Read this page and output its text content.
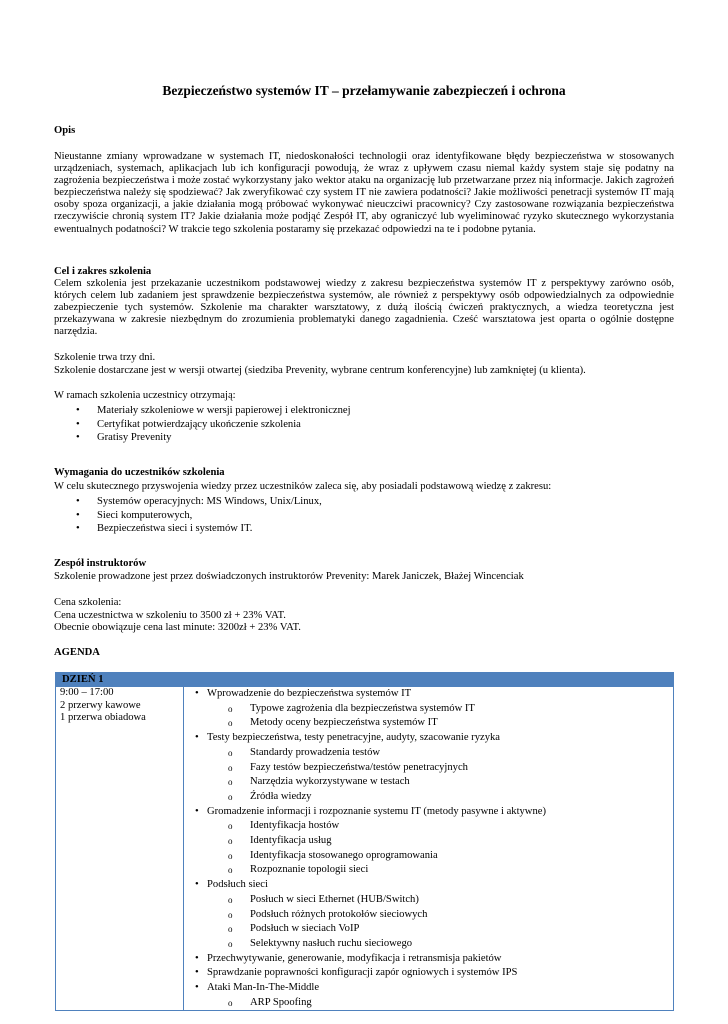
Bezpieczeństwo systemów IT – przełamywanie zabezpieczeń i ochrona
Opis
Nieustanne zmiany wprowadzane w systemach IT, niedoskonałości technologii oraz identyfikowane błędy bezpieczeństwa w stosowanych urządzeniach, systemach, aplikacjach lub ich konfiguracji powodują, że wraz z upływem czasu niemal każdy system staje się podatny na zagrożenia bezpieczeństwa i może zostać wykorzystany jako wektor ataku na organizację lub przetwarzane przez nią informacje. Jakich zagrożeń bezpieczeństwa należy się spodziewać? Jak zweryfikować czy system IT nie zawiera podatności? Jakie możliwości penetracji systemów IT mają osoby spoza organizacji, a jakie działania mogą próbować wykonywać nieuczciwi pracownicy? Czy zastosowane rozwiązania bezpieczeństwa rzeczywiście chronią system IT? Jakie działania może podjąć Zespół IT, aby ograniczyć lub wyeliminować ryzyko skutecznego wykorzystania ewentualnych podatności? W trakcie tego szkolenia postaramy się przekazać odpowiedzi na te i podobne pytania.
Cel i zakres szkolenia
Celem szkolenia jest przekazanie uczestnikom podstawowej wiedzy z zakresu bezpieczeństwa systemów IT z perspektywy zarówno osób, których celem lub zadaniem jest sprawdzenie bezpieczeństwa systemów, ale również z perspektywy osób odpowiedzialnych za odpowiednie zabezpieczenie tych systemów. Szkolenie ma charakter warsztatowy, z dużą ilością ćwiczeń praktycznych, a wiedza teoretyczna jest przekazywana w zakresie niezbędnym do zrozumienia problematyki danego zagadnienia. Cześć warsztatowa jest oparta o ogólnie dostępne narzędzia.
Szkolenie trwa trzy dni.
Szkolenie dostarczane jest w wersji otwartej (siedziba Prevenity, wybrane centrum konferencyjne) lub zamkniętej (u klienta).
W ramach szkolenia uczestnicy otrzymają:
• Materiały szkoleniowe w wersji papierowej i elektronicznej
• Certyfikat potwierdzający ukończenie szkolenia
• Gratisy Prevenity
Wymagania do uczestników szkolenia
W celu skutecznego przyswojenia wiedzy przez uczestników zaleca się, aby posiadali podstawową wiedzę z zakresu:
• Systemów operacyjnych: MS Windows, Unix/Linux,
• Sieci komputerowych,
• Bezpieczeństwa sieci i systemów IT.
Zespół instruktorów
Szkolenie prowadzone jest przez doświadczonych instruktorów Prevenity: Marek Janiczek, Błażej Wincenciak
Cena szkolenia:
Cena uczestnictwa w szkoleniu to 3500 zł + 23% VAT.
Obecnie obowiązuje cena last minute: 3200zł + 23% VAT.
AGENDA
DZIEŃ 1

9:00 – 17:00
2 przerwy kawowe
1 przerwa obiadowa

• Wprowadzenie do bezpieczeństwa systemów IT
o Typowe zagrożenia dla bezpieczeństwa systemów IT
o Metody oceny bezpieczeństwa systemów IT
• Testy bezpieczeństwa, testy penetracyjne, audyty, szacowanie ryzyka
o Standardy prowadzenia testów
o Fazy testów bezpieczeństwa/testów penetracyjnych
o Narzędzia wykorzystywane w testach
o Źródła wiedzy
• Gromadzenie informacji i rozpoznanie systemu IT (metody pasywne i aktywne)
o Identyfikacja hostów
o Identyfikacja usług
o Identyfikacja stosowanego oprogramowania
o Rozpoznanie topologii sieci
• Podsłuch sieci
o Posłuch w sieci Ethernet (HUB/Switch)
o Podsłuch różnych protokołów sieciowych
o Podsłuch w sieciach VoIP
o Selektywny nasłuch ruchu sieciowego
• Przechwytywanie, generowanie, modyfikacja i retransmisja pakietów
• Sprawdzanie poprawności konfiguracji zapór ogniowych i systemów IPS
• Ataki Man-In-The-Middle
o ARP Spoofing
